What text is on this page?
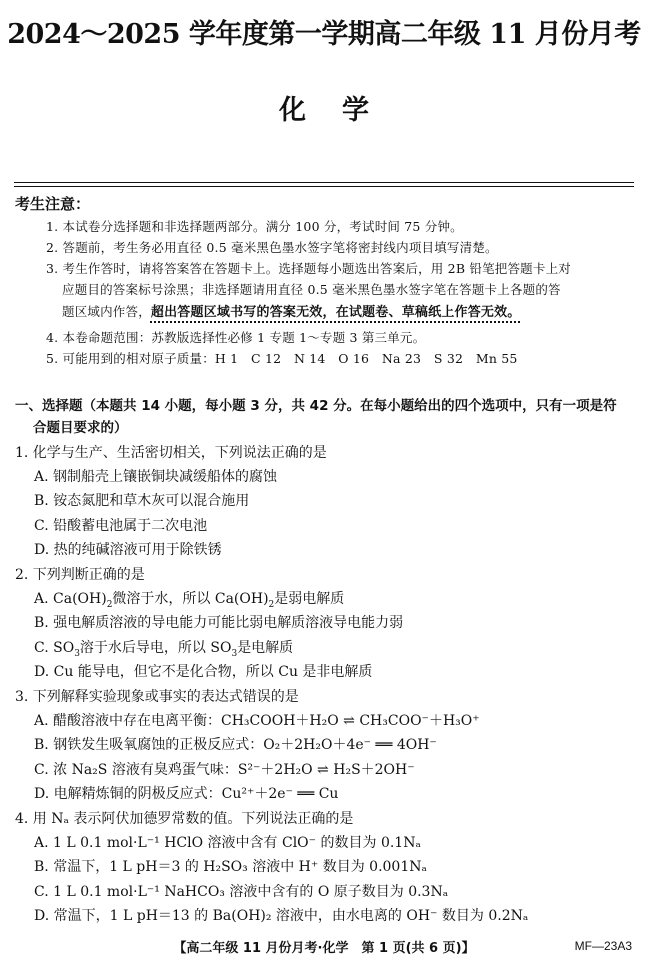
2024～2025 学年度第一学期高二年级 11 月份月考
化学
考生注意：
1. 本试卷分选择题和非选择题两部分。满分 100 分，考试时间 75 分钟。
2. 答题前，考生务必用直径 0.5 毫米黑色墨水签字笔将密封线内项目填写清楚。
3. 考生作答时，请将答案答在答题卡上。选择题每小题选出答案后，用 2B 铅笔把答题卡上对
应题目的答案标号涂黑；非选择题请用直径 0.5 毫米黑色墨水签字笔在答题卡上各题的答
题区域内作答，超出答题区域书写的答案无效，在试题卷、草稿纸上作答无效。
4. 本卷命题范围：苏教版选择性必修 1 专题 1～专题 3 第三单元。
5. 可能用到的相对原子质量：H 1　C 12　N 14　O 16　Na 23　S 32　Mn 55
一、选择题（本题共 14 小题，每小题 3 分，共 42 分。在每小题给出的四个选项中，只有一项是符
合题目要求的）
1. 化学与生产、生活密切相关，下列说法正确的是
A. 钢制船壳上镶嵌铜块减缓船体的腐蚀
B. 铵态氮肥和草木灰可以混合施用
C. 铅酸蓄电池属于二次电池
D. 热的纯碱溶液可用于除铁锈
2. 下列判断正确的是
A. $Ca(OH)_2$微溶于水，所以 $Ca(OH)_2$是弱电解质
B. 强电解质溶液的导电能力可能比弱电解质溶液导电能力弱
C. $SO_3$溶于水后导电，所以 $SO_3$是电解质
D. Cu 能导电，但它不是化合物，所以 Cu 是非电解质
3. 下列解释实验现象或事实的表达式错误的是
A. 醋酸溶液中存在电离平衡：CH₃COOH＋H₂O ⇌ CH₃COO⁻＋H₃O⁺
B. 钢铁发生吸氧腐蚀的正极反应式：O₂＋2H₂O＋4e⁻ ══ 4OH⁻
C. 浓 Na₂S 溶液有臭鸡蛋气味：S²⁻＋2H₂O ⇌ H₂S＋2OH⁻
D. 电解精炼铜的阴极反应式：Cu²⁺＋2e⁻ ══ Cu
4. 用 Nₐ 表示阿伏加德罗常数的值。下列说法正确的是
A. 1 L 0.1 mol·L⁻¹ HClO 溶液中含有 ClO⁻ 的数目为 0.1Nₐ
B. 常温下，1 L pH＝3 的 H₂SO₃ 溶液中 H⁺ 数目为 0.001Nₐ
C. 1 L 0.1 mol·L⁻¹ NaHCO₃ 溶液中含有的 O 原子数目为 0.3Nₐ
D. 常温下，1 L pH＝13 的 Ba(OH)₂ 溶液中，由水电离的 OH⁻ 数目为 0.2Nₐ
【高二年级 11 月份月考·化学　第 1 页(共 6 页)】	MF—23A3
